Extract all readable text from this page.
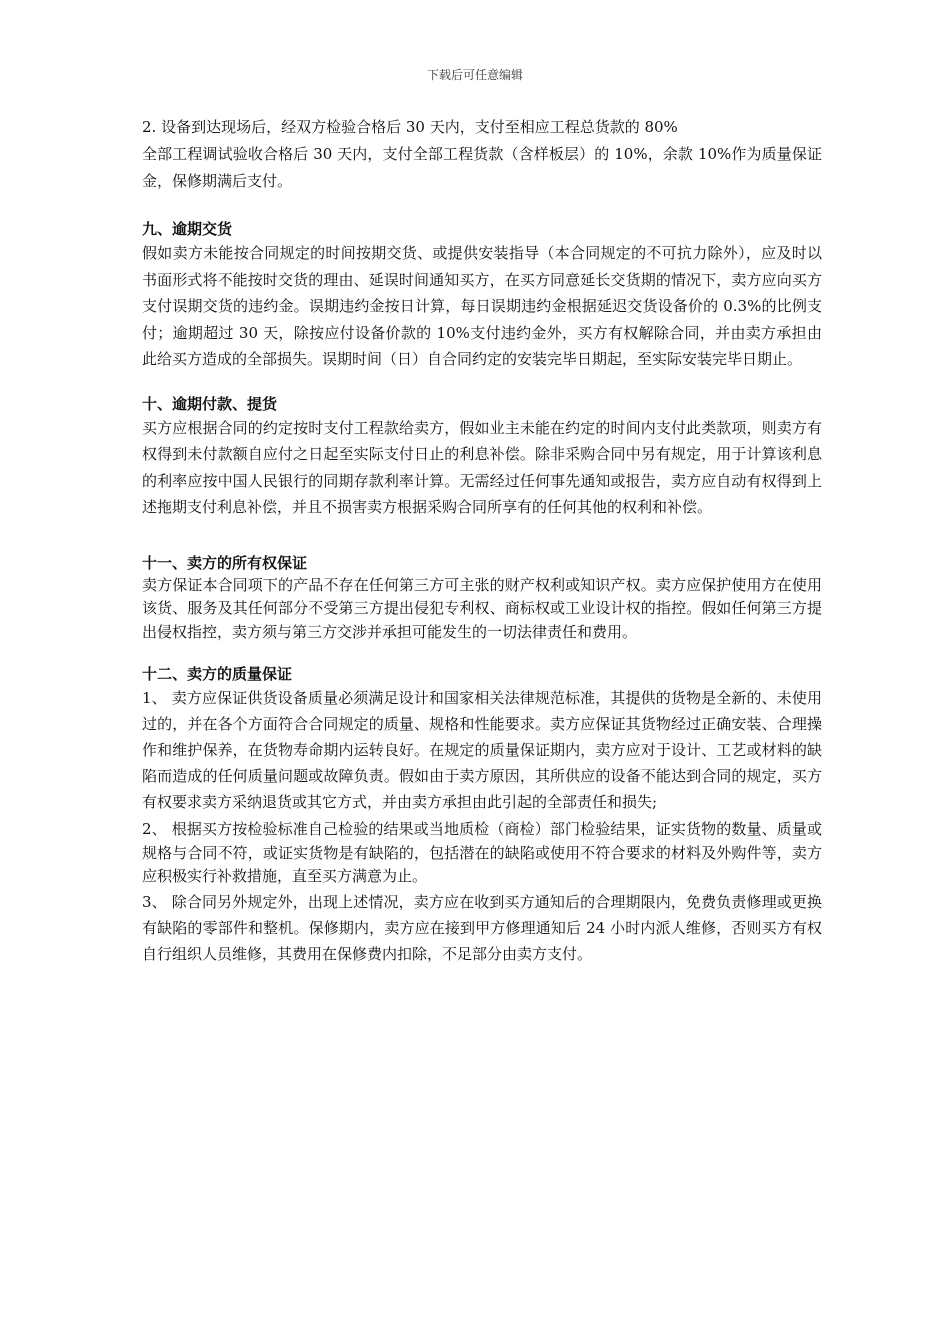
下载后可任意编辑

2. 设备到达现场后，经双方检验合格后 30 天内，支付至相应工程总货款的 80%

全部工程调试验收合格后 30 天内，支付全部工程货款（含样板层）的 10%，余款 10%作为质量保证金，保修期满后支付。

九、逾期交货

假如卖方未能按合同规定的时间按期交货、或提供安装指导（本合同规定的不可抗力除外），应及时以书面形式将不能按时交货的理由、延误时间通知买方，在买方同意延长交货期的情况下，卖方应向买方支付误期交货的违约金。误期违约金按日计算，每日误期违约金根据延迟交货设备价的 0.3%的比例支付；逾期超过 30 天，除按应付设备价款的 10%支付违约金外，买方有权解除合同，并由卖方承担由此给买方造成的全部损失。误期时间（日）自合同约定的安装完毕日期起，至实际安装完毕日期止。

十、逾期付款、提货

买方应根据合同的约定按时支付工程款给卖方，假如业主未能在约定的时间内支付此类款项，则卖方有权得到未付款额自应付之日起至实际支付日止的利息补偿。除非采购合同中另有规定，用于计算该利息的利率应按中国人民银行的同期存款利率计算。无需经过任何事先通知或报告，卖方应自动有权得到上述拖期支付利息补偿，并且不损害卖方根据采购合同所享有的任何其他的权利和补偿。

十一、卖方的所有权保证

卖方保证本合同项下的产品不存在任何第三方可主张的财产权利或知识产权。卖方应保护使用方在使用该货、服务及其任何部分不受第三方提出侵犯专利权、商标权或工业设计权的指控。假如任何第三方提出侵权指控，卖方须与第三方交涉并承担可能发生的一切法律责任和费用。

十二、卖方的质量保证

1、 卖方应保证供货设备质量必须满足设计和国家相关法律规范标准，其提供的货物是全新的、未使用过的，并在各个方面符合合同规定的质量、规格和性能要求。卖方应保证其货物经过正确安装、合理操作和维护保养，在货物寿命期内运转良好。在规定的质量保证期内，卖方应对于设计、工艺或材料的缺陷而造成的任何质量问题或故障负责。假如由于卖方原因，其所供应的设备不能达到合同的规定，买方有权要求卖方采纳退货或其它方式，并由卖方承担由此引起的全部责任和损失;

2、 根据买方按检验标准自己检验的结果或当地质检（商检）部门检验结果，证实货物的数量、质量或规格与合同不符，或证实货物是有缺陷的，包括潜在的缺陷或使用不符合要求的材料及外购件等，卖方应积极实行补救措施，直至买方满意为止。

3、 除合同另外规定外，出现上述情况，卖方应在收到买方通知后的合理期限内，免费负责修理或更换有缺陷的零部件和整机。保修期内，卖方应在接到甲方修理通知后 24 小时内派人维修，否则买方有权自行组织人员维修，其费用在保修费内扣除，不足部分由卖方支付。
